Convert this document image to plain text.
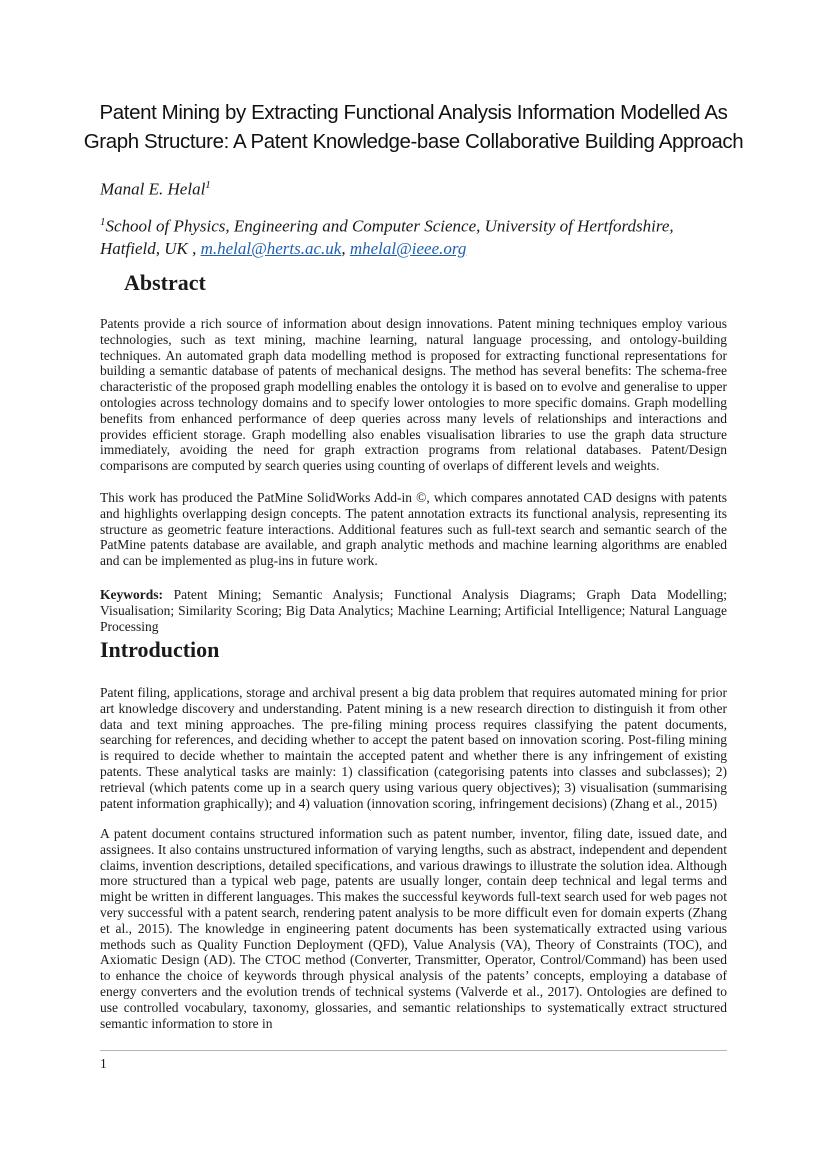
Patent Mining by Extracting Functional Analysis Information Modelled As
Graph Structure: A Patent Knowledge-base Collaborative Building Approach
Manal E. Helal$^1$
$^1$School of Physics, Engineering and Computer Science, University of Hertfordshire,
Hatfield, UK , m.helal@herts.ac.uk, mhelal@ieee.org
Abstract

Patents provide a rich source of information about design innovations. Patent mining techniques employ various technologies, such as text mining, machine learning, natural language processing, and ontology-building techniques. An automated graph data modelling method is proposed for extracting functional representations for building a semantic database of patents of mechanical designs. The method has several benefits: The schema-free characteristic of the proposed graph modelling enables the ontology it is based on to evolve and generalise to upper ontologies across technology domains and to specify lower ontologies to more specific domains. Graph modelling benefits from enhanced performance of deep queries across many levels of relationships and interactions and provides efficient storage. Graph modelling also enables visualisation libraries to use the graph data structure immediately, avoiding the need for graph extraction programs from relational databases. Patent/Design comparisons are computed by search queries using counting of overlaps of different levels and weights.

This work has produced the PatMine SolidWorks Add-in ©, which compares annotated CAD designs with patents and highlights overlapping design concepts. The patent annotation extracts its functional analysis, representing its structure as geometric feature interactions. Additional features such as full-text search and semantic search of the PatMine patents database are available, and graph analytic methods and machine learning algorithms are enabled and can be implemented as plug-ins in future work.

Keywords: Patent Mining; Semantic Analysis; Functional Analysis Diagrams; Graph Data Modelling; Visualisation; Similarity Scoring; Big Data Analytics; Machine Learning; Artificial Intelligence; Natural Language Processing

Introduction

Patent filing, applications, storage and archival present a big data problem that requires automated mining for prior art knowledge discovery and understanding. Patent mining is a new research direction to distinguish it from other data and text mining approaches. The pre-filing mining process requires classifying the patent documents, searching for references, and deciding whether to accept the patent based on innovation scoring. Post-filing mining is required to decide whether to maintain the accepted patent and whether there is any infringement of existing patents. These analytical tasks are mainly: 1) classification (categorising patents into classes and subclasses); 2) retrieval (which patents come up in a search query using various query objectives); 3) visualisation (summarising patent information graphically); and 4) valuation (innovation scoring, infringement decisions) (Zhang et al., 2015)

A patent document contains structured information such as patent number, inventor, filing date, issued date, and assignees. It also contains unstructured information of varying lengths, such as abstract, independent and dependent claims, invention descriptions, detailed specifications, and various drawings to illustrate the solution idea. Although more structured than a typical web page, patents are usually longer, contain deep technical and legal terms and might be written in different languages. This makes the successful keywords full-text search used for web pages not very successful with a patent search, rendering patent analysis to be more difficult even for domain experts (Zhang et al., 2015). The knowledge in engineering patent documents has been systematically extracted using various methods such as Quality Function Deployment (QFD), Value Analysis (VA), Theory of Constraints (TOC), and Axiomatic Design (AD). The CTOC method (Converter, Transmitter, Operator, Control/Command) has been used to enhance the choice of keywords through physical analysis of the patents’ concepts, employing a database of energy converters and the evolution trends of technical systems (Valverde et al., 2017). Ontologies are defined to use controlled vocabulary, taxonomy, glossaries, and semantic relationships to systematically extract structured semantic information to store in

1
